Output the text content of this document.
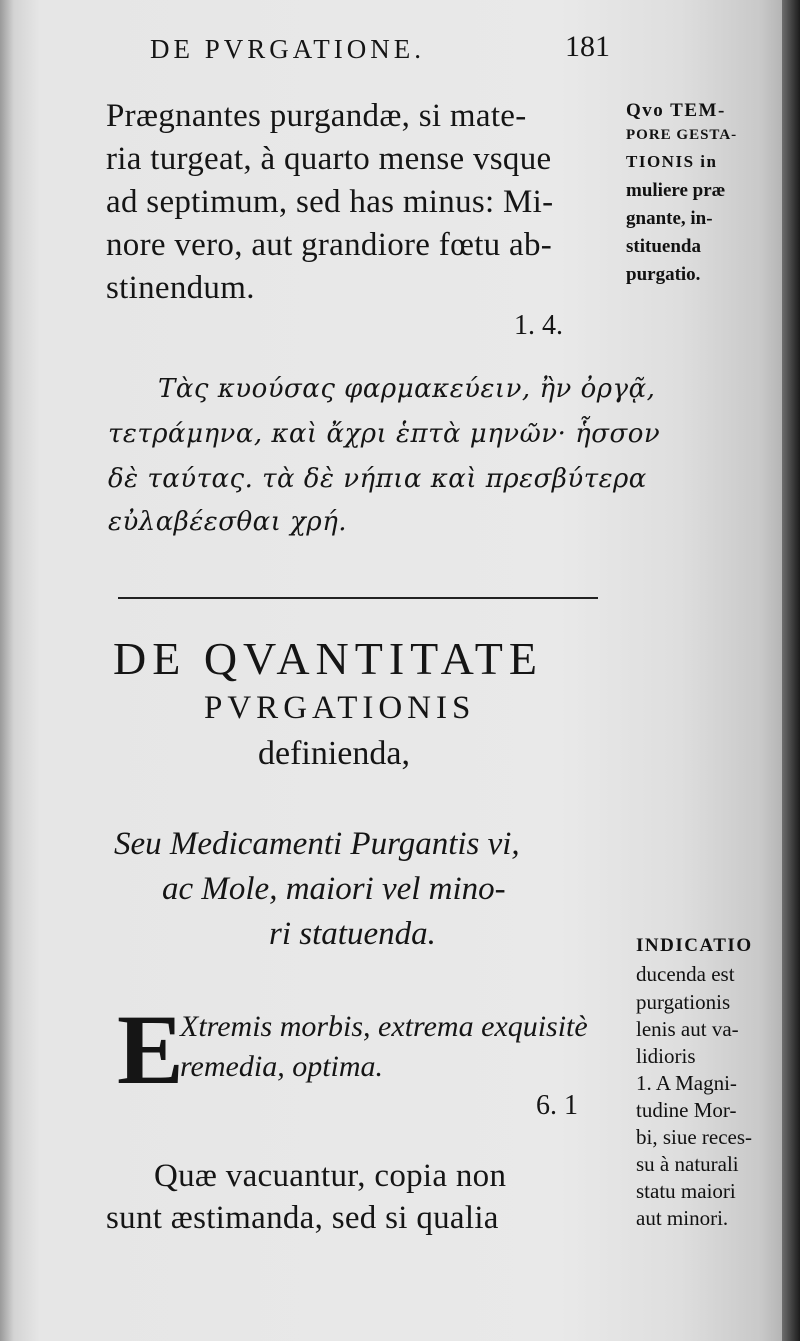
DE PVRGATIONE.	181
Prægnantes purgandæ, si mate-
ria turgeat, à quarto mense vsque
ad septimum, sed has minus: Mi-
nore vero, aut grandiore fœtu ab-
stinendum.
1. 4.
Τὰς κυούσας φαρμακεύειν, ἢν ὀργᾷ,
τετράμηνα, καὶ ἄχρι ἑπτὰ μηνῶν· ἧσσον
δὲ ταύτας. τὰ δὲ νήπια καὶ πρεσβύτερα
εὐλαβέεσθαι χρή.
DE QVANTITATE
PVRGATIONIS
definienda,
Seu Medicamenti Purgantis vi,
ac Mole, maiori vel mino-
ri statuenda.
E
Xtremis morbis, extrema exquisitè
remedia, optima.
6. 1
Quæ vacuantur, copia non
sunt æstimanda, sed si qualia
Qvo TEM-
PORE GESTA-
TIONIS in
muliere præ
gnante, in-
stituenda
purgatio.
INDICATIO
ducenda est
purgationis
lenis aut va-
lidioris
1. A Magni-
tudine Mor-
bi, siue reces-
su à naturali
statu maiori
aut minori.
